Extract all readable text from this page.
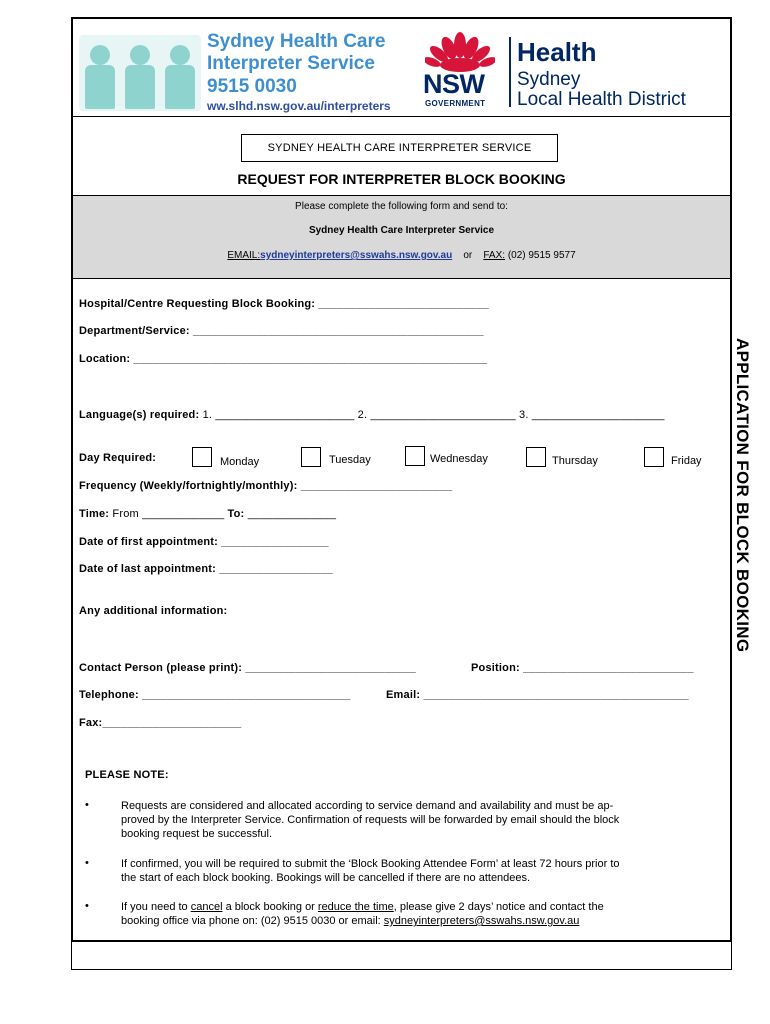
Sydney Health Care
Interpreter Service
9515 0030
ww.slhd.nsw.gov.au/interpreters
NSW
GOVERNMENT
Health
Sydney
Local Health District
SYDNEY HEALTH CARE INTERPRETER SERVICE
REQUEST FOR INTERPRETER BLOCK BOOKING
Please complete the following form and send to:
Sydney Health Care Interpreter Service
EMAIL:sydneyinterpreters@sswahs.nsw.gov.au or FAX: (02) 9515 9577
Hospital/Centre Requesting Block Booking: ___________________________
Department/Service: ______________________________________________
Location: ________________________________________________________
Language(s) required: 1. ______________________ 2. _______________________ 3. _____________________
Day Required:	Monday	Tuesday	Wednesday	Thursday	Friday
Frequency (Weekly/fortnightly/monthly): ________________________
Time: From _____________ To: ______________
Date of first appointment: _________________
Date of last appointment: __________________
Any additional information:
Contact Person (please print): ___________________________	Position: ___________________________
Telephone: _________________________________	Email: __________________________________________
Fax:______________________
PLEASE NOTE:
•	Requests are considered and allocated according to service demand and availability and must be ap-
proved by the Interpreter Service. Confirmation of requests will be forwarded by email should the block
booking request be successful.
•	If confirmed, you will be required to submit the ‘Block Booking Attendee Form’ at least 72 hours prior to
the start of each block booking. Bookings will be cancelled if there are no attendees.
•	If you need to cancel a block booking or reduce the time, please give 2 days’ notice and contact the
booking office via phone on: (02) 9515 0030 or email: sydneyinterpreters@sswahs.nsw.gov.au
APPLICATION FOR BLOCK BOOKING
